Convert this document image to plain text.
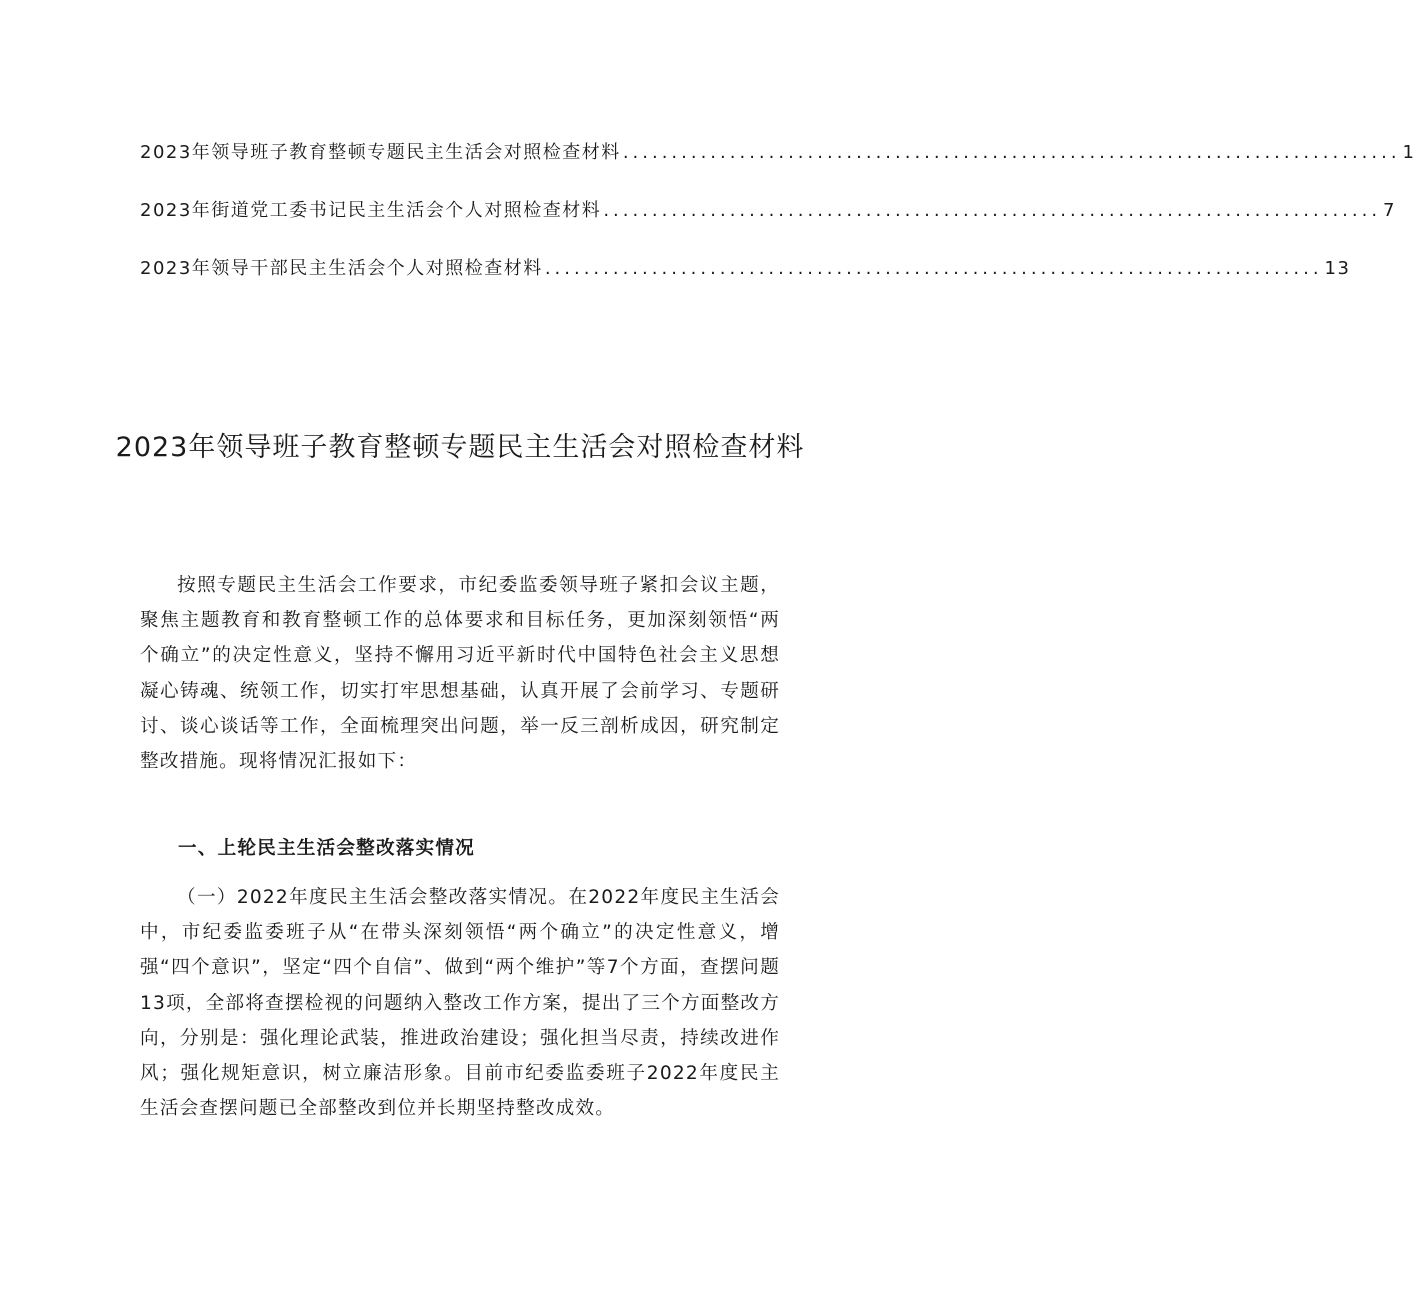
2023年领导班子教育整顿专题民主生活会对照检查材料 ................................................................................ 1
2023年街道党工委书记民主生活会个人对照检查材料 ................................................................................ 7
2023年领导干部民主生活会个人对照检查材料 ................................................................................ 13
2023年领导班子教育整顿专题民主生活会对照检查材料
按照专题民主生活会工作要求，市纪委监委领导班子紧扣会议主题，聚焦主题教育和教育整顿工作的总体要求和目标任务，更加深刻领悟“两个确立”的决定性意义，坚持不懈用习近平新时代中国特色社会主义思想凝心铸魂、统领工作，切实打牢思想基础，认真开展了会前学习、专题研讨、谈心谈话等工作，全面梳理突出问题，举一反三剖析成因，研究制定整改措施。现将情况汇报如下：
一、上轮民主生活会整改落实情况
（一）2022年度民主生活会整改落实情况。在2022年度民主生活会中，市纪委监委班子从“在带头深刻领悟“两个确立”的决定性意义，增强“四个意识”，坚定“四个自信”、做到“两个维护”等7个方面，查摆问题13项，全部将查摆检视的问题纳入整改工作方案，提出了三个方面整改方向，分别是：强化理论武装，推进政治建设；强化担当尽责，持续改进作风；强化规矩意识，树立廉洁形象。目前市纪委监委班子2022年度民主生活会查摆问题已全部整改到位并长期坚持整改成效。
